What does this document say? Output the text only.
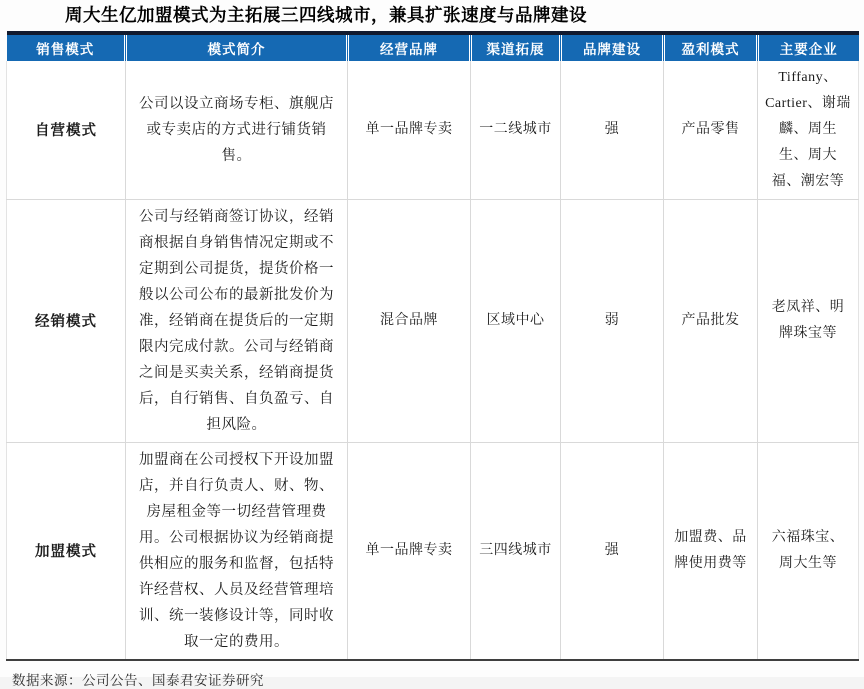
周大生亿加盟模式为主拓展三四线城市，兼具扩张速度与品牌建设
销售模式	模式简介	经营品牌	渠道拓展	品牌建设	盈利模式	主要企业
自营模式	公司以设立商场专柜、旗舰店或专卖店的方式进行铺货销售。	单一品牌专卖	一二线城市	强	产品零售	Tiffany、Cartier、谢瑞麟、周生生、周大福、潮宏等
经销模式	公司与经销商签订协议，经销商根据自身销售情况定期或不定期到公司提货，提货价格一般以公司公布的最新批发价为准，经销商在提货后的一定期限内完成付款。公司与经销商之间是买卖关系，经销商提货后，自行销售、自负盈亏、自担风险。	混合品牌	区域中心	弱	产品批发	老凤祥、明牌珠宝等
加盟模式	加盟商在公司授权下开设加盟店，并自行负责人、财、物、房屋租金等一切经营管理费用。公司根据协议为经销商提供相应的服务和监督，包括特许经营权、人员及经营管理培训、统一装修设计等，同时收取一定的费用。	单一品牌专卖	三四线城市	强	加盟费、品牌使用费等	六福珠宝、周大生等
数据来源：公司公告、国泰君安证券研究
